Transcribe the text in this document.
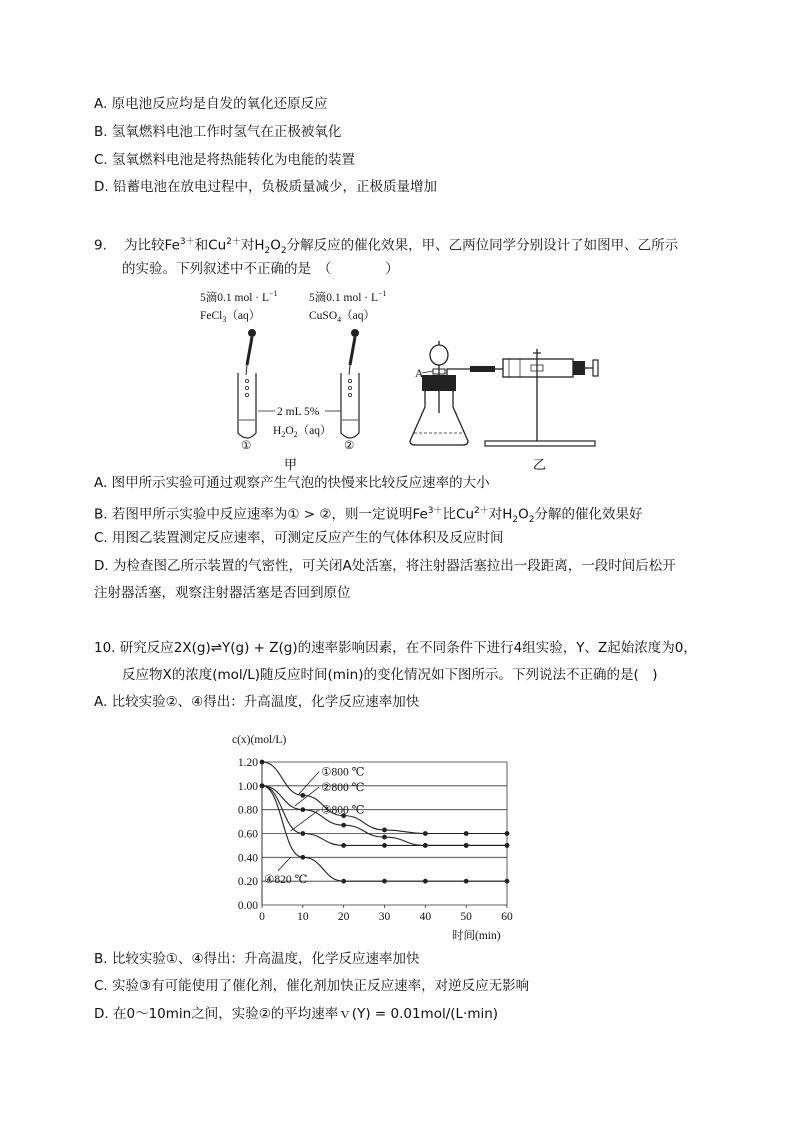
A. 原电池反应均是自发的氧化还原反应
B. 氢氧燃料电池工作时氢气在正极被氧化
C. 氢氧燃料电池是将热能转化为电能的装置
D. 铅蓄电池在放电过程中，负极质量减少，正极质量增加
9. 为比较$Fe^{3+}$和$Cu^{2+}$对$H_2O_2$分解反应的催化效果，甲、乙两位同学分别设计了如图甲、乙所示
的实验。下列叙述中不正确的是　（　　　　）
5滴0.1 mol · $L^{-1}$
FeCl$_3$（aq）
5滴0.1 mol · $L^{-1}$
CuSO$_4$（aq）
2 mL 5%
$H_2O_2(aq)$
①	②
甲
A
乙
A. 图甲所示实验可通过观察产生气泡的快慢来比较反应速率的大小
B. 若图甲所示实验中反应速率为① > ②，则一定说明$Fe^{3+}$比$Cu^{2+}$对$H_2O_2$分解的催化效果好
C. 用图乙装置测定反应速率，可测定反应产生的气体体积及反应时间
D. 为检查图乙所示装置的气密性，可关闭A处活塞，将注射器活塞拉出一段距离，一段时间后松开
注射器活塞，观察注射器活塞是否回到原位
10. 研究反应2X(g)⇌Y(g) + Z(g)的速率影响因素，在不同条件下进行4组实验，Y、Z起始浓度为0，
反应物X的浓度(mol/L)随反应时间(min)的变化情况如下图所示。下列说法不正确的是(　)
A. 比较实验②、④得出：升高温度，化学反应速率加快
0.00
0.20
0.40
0.60
0.80
1.00
1.20
0	10	20	30	40	50	60
c(x)(mol/L)
时间(min)
①800 ℃
②800 ℃
③800 ℃
④820 ℃
B. 比较实验①、④得出：升高温度，化学反应速率加快
C. 实验③有可能使用了催化剂，催化剂加快正反应速率，对逆反应无影响
D. 在0～10min之间，实验②的平均速率ｖ(Y) = 0.01mol/(L·min)
